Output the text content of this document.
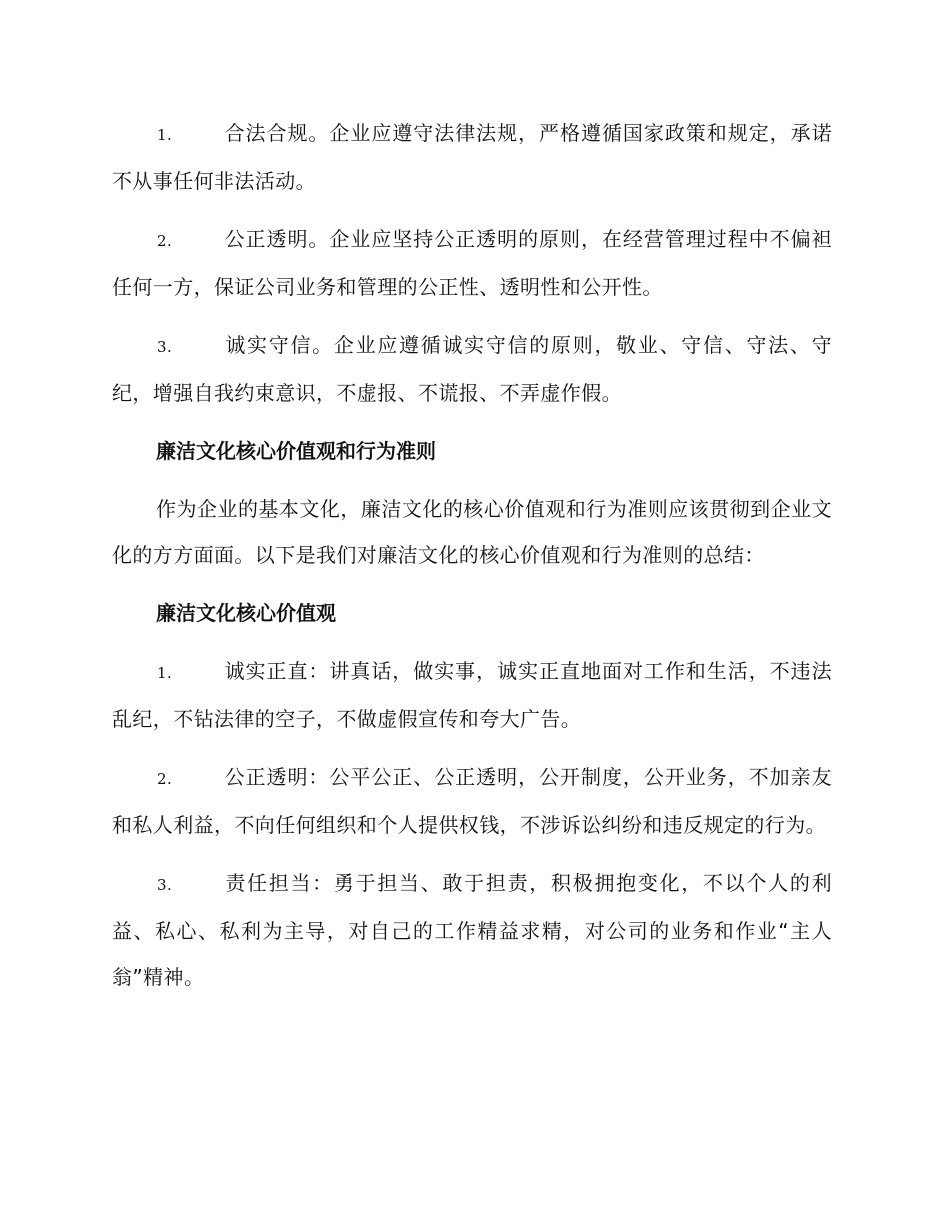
1.	合法合规。企业应遵守法律法规，严格遵循国家政策和规定，承诺不从事任何非法活动。

2.	公正透明。企业应坚持公正透明的原则，在经营管理过程中不偏袒任何一方，保证公司业务和管理的公正性、透明性和公开性。

3.	诚实守信。企业应遵循诚实守信的原则，敬业、守信、守法、守纪，增强自我约束意识，不虚报、不谎报、不弄虚作假。

廉洁文化核心价值观和行为准则

作为企业的基本文化，廉洁文化的核心价值观和行为准则应该贯彻到企业文化的方方面面。以下是我们对廉洁文化的核心价值观和行为准则的总结：

廉洁文化核心价值观

1.	诚实正直：讲真话，做实事，诚实正直地面对工作和生活，不违法乱纪，不钻法律的空子，不做虚假宣传和夸大广告。

2.	公正透明：公平公正、公正透明，公开制度，公开业务，不加亲友和私人利益，不向任何组织和个人提供权钱，不涉诉讼纠纷和违反规定的行为。

3.	责任担当：勇于担当、敢于担责，积极拥抱变化，不以个人的利益、私心、私利为主导，对自己的工作精益求精，对公司的业务和作业“主人翁”精神。
